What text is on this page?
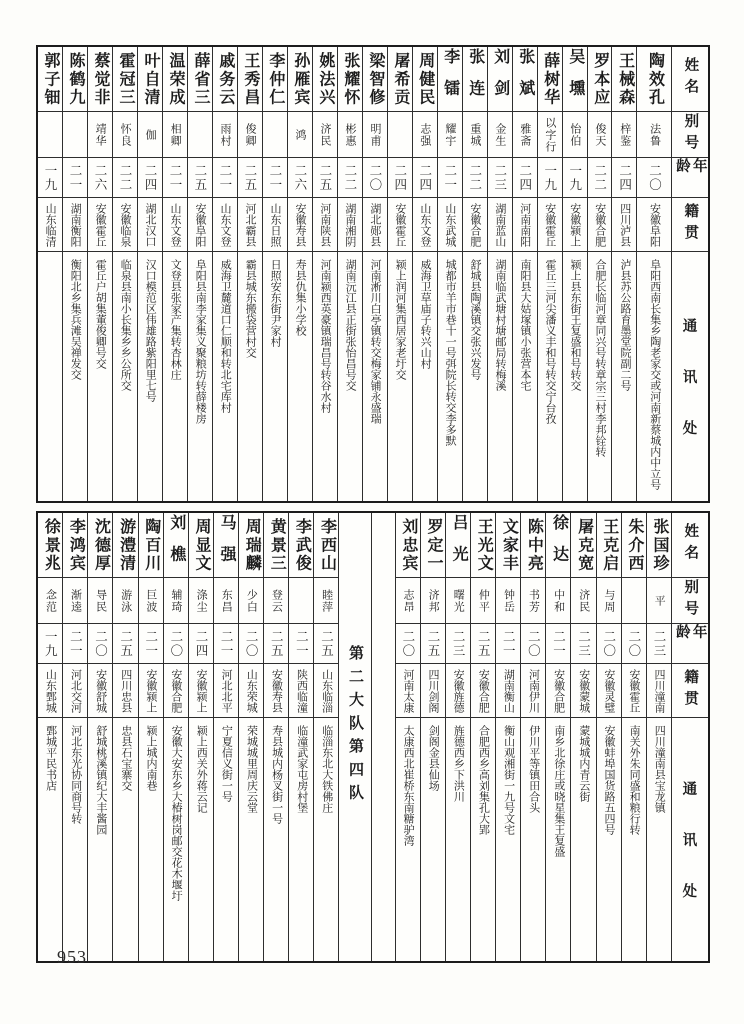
姓名
别号
年龄
籍贯
通
讯
处
陶效孔
法鲁
二〇
安徽阜阳
阜阳西南长集乡陶老家交或河南新蔡城内中立号
王械森
梓鉴
二四
四川泸县
泸县苏公路育墨堂院副二号
罗本应
俊天
二二
安徽合肥
合肥长临河章同兴号转章宗三村李邦铨转
吴壎
怡伯
一九
安徽颍上
颍上县东街王复盛和号转交
薛树华
以字行
一九
安徽霍丘
霍丘三河尖潘义丰和号转交宁台孜
张斌
雅斋
二四
河南南阳
南阳县大姑塚镇小张营本宅
刘剑
金生
二三
湖南蓝山
湖南临武塘村塘邮局转梅溪
张连
重城
二二
安徽合肥
舒城县陶溪镇交张兴发号
李镭
耀宇
二一
山东武城
城都市羊市巷十一号弭院长转交李多默
周健民
志强
二四
山东文登
威海卫草庙子转兴山村
屠希贡
二四
安徽霍丘
颍上润河集西居家老圩交
梁智修
明甫
二〇
湖北郧县
河南淅川白亭镇转交梅家铺永盛瑞
张耀怀
彬惠
二二
湖南湘阴
湖南沅江县正街张怡昌号交
姚法兴
济民
二五
河南陕县
河南颍西英豪镇瑞昌号转谷水村
孙雁宾
鸿
二六
安徽寿县
寿县仇集小学校
李仲仁
二一
山东日照
日照安东街尹家村
王秀昌
俊卿
二五
河北霸县
霸县城东搬袋营村交
戚务云
雨村
二一
山东文登
威海卫麓道口仁顺和转北宅库村
薛省三
二五
安徽阜阳
阜阳县南李家集义聚粮坊转薛楼房
温荣成
相卿
二一
山东文登
文登县张家产集转杏林庄
叶自清
伽
二四
湖北汉口
汉口模范区伟雄路紫阳里七号
霍冠三
怀良
二二
安徽临泉
临泉县南小长集乡乡公所交
蔡觉非
靖华
二六
安徽霍丘
霍丘户胡集董俊卿号交
陈鹤九
二一
湖南衡阳
衡阳北乡集兵滩吴禅发交
郭子钿
一九
山东临清
姓名
别号
年龄
籍贯
通
讯
处
张国珍
平
二三
四川潼南
四川潼南县宝龙镇
朱介西
二〇
安徽霍丘
南关外朱同盛和粮行转
王克启
与周
二〇
安徽灵璧
安徽蚌埠国货路五四号
屠克宽
济民
二三
安徽蒙城
蒙城城内青云街
徐达
中和
二一
安徽合肥
南乡北徐庄或晓星集王复盛
陈中亮
书芳
二〇
河南伊川
伊川平等镇田合头
文家丰
钟岳
二一
湖南衡山
衡山观湘街一九号文宅
王光文
仲平
二五
安徽合肥
合肥西乡高刘集孔大郢
吕光
曙光
二三
安徽旌德
旌德西乡下洪川
罗定一
济邦
二五
四川剑阁
剑阁金县仙场
刘忠宾
志昂
二〇
河南太康
太康西北崔桥东南糖驴湾
第二大队第四队
李西山
睦萍
二五
山东临淄
临淄东北大铁佛庄
李武俊
二一
陕西临潼
临潼武家屯房村堡
黄景三
登云
二五
安徽寿县
寿县城内杨叉街一号
周瑞麟
少白
二〇
山东荣城
荣城城里周庆云堂
马强
东昌
二一
河北北平
宁夏信义街一号
周显文
涤尘
二四
安徽颍上
颍上西关外蒋云记
刘樵
辅琦
二〇
安徽合肥
安徽大安东乡大椿树岗邮交花木堰圩
陶百川
巨波
二一
安徽颍上
颍上城内南巷
游澧清
游泳
二五
四川忠县
忠县石宝寨交
沈德厚
导民
二〇
安徽舒城
舒城桃溪镇纪大丰酱园
李鸿宾
渐逵
二一
河北交河
河北东光协同商号转
徐景兆
念范
一九
山东鄄城
鄄城平民书店
953
